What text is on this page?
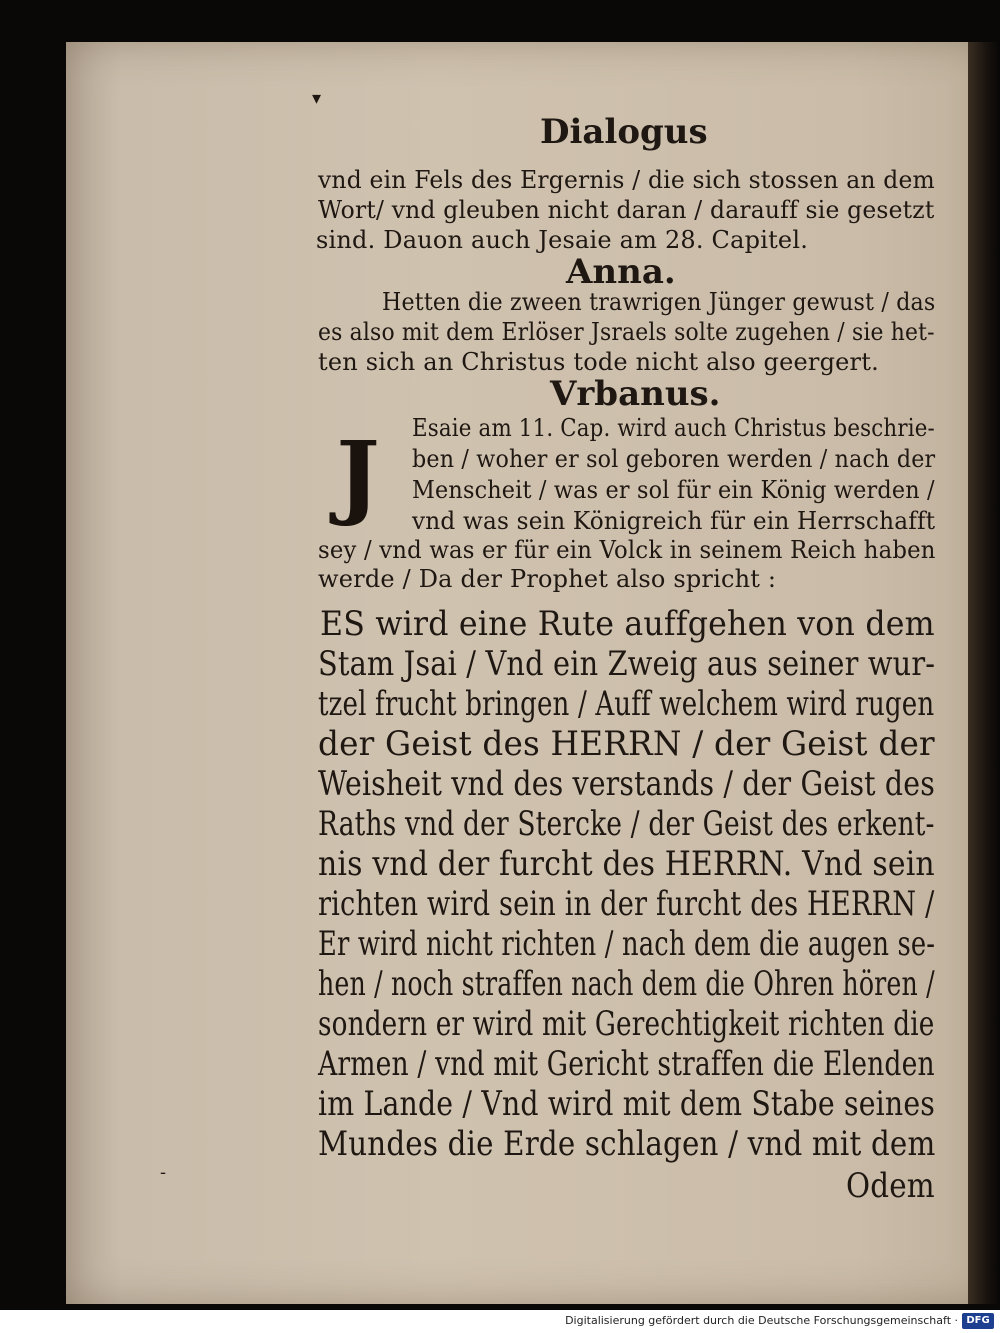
▾
‐
Dialogus
vnd ein Fels des Ergernis / die sich stossen an dem
Wort/ vnd gleuben nicht daran / darauff sie gesetzt
sind. Dauon auch Jesaie am 28. Capitel.
Anna.
Hetten die zween trawrigen Jünger gewust / das
es also mit dem Erlöser Jsraels solte zugehen / sie het-
ten sich an Christus tode nicht also geergert.
Vrbanus.
J	Esaie am 11. Cap. wird auch Christus beschrie-
ben / woher er sol geboren werden / nach der
Menscheit / was er sol für ein König werden /
vnd was sein Königreich für ein Herrschafft
sey / vnd was er für ein Volck in seinem Reich haben
werde / Da der Prophet also spricht :
ES wird eine Rute auffgehen von dem
Stam Jsai / Vnd ein Zweig aus seiner wur-
tzel frucht bringen / Auff welchem wird rugen
der Geist des HERRN / der Geist der
Weisheit vnd des verstands / der Geist des
Raths vnd der Stercke / der Geist des erkent-
nis vnd der furcht des HERRN. Vnd sein
richten wird sein in der furcht des HERRN /
Er wird nicht richten / nach dem die augen se-
hen / noch straffen nach dem die Ohren hören /
sondern er wird mit Gerechtigkeit richten die
Armen / vnd mit Gericht straffen die Elenden
im Lande / Vnd wird mit dem Stabe seines
Mundes die Erde schlagen / vnd mit dem
Odem
Digitalisierung gefördert durch die Deutsche Forschungsgemeinschaft · DFG
